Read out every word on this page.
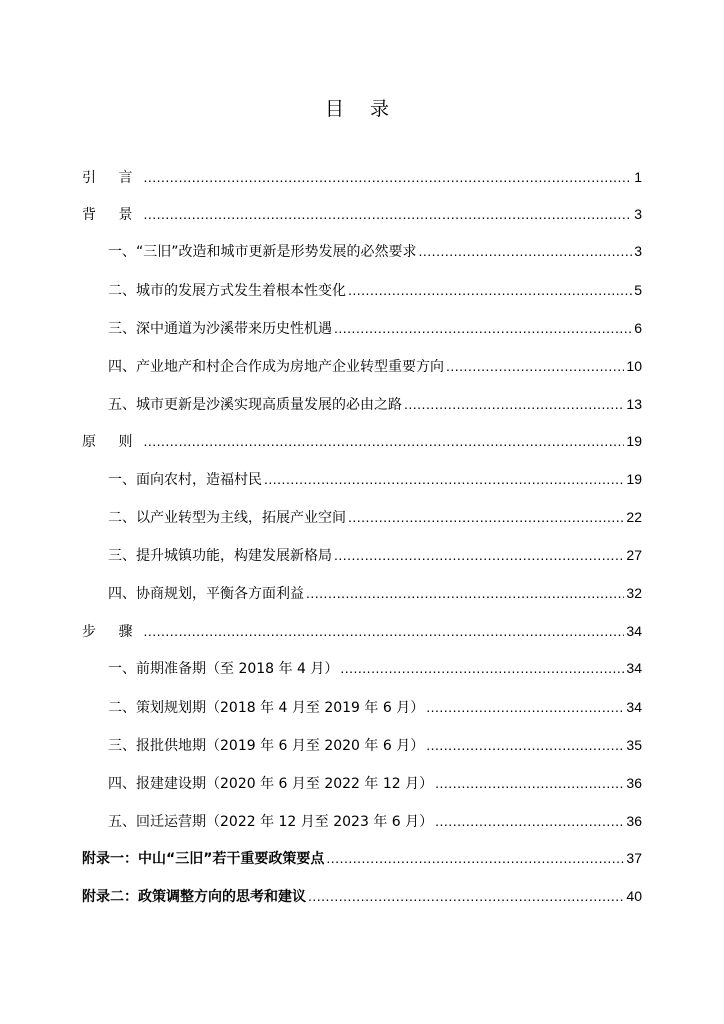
目 录
引 言 .....	1
背 景 .....	3
一、“三旧”改造和城市更新是形势发展的必然要求 .....	3
二、城市的发展方式发生着根本性变化 .....	5
三、深中通道为沙溪带来历史性机遇 .....	6
四、产业地产和村企合作成为房地产企业转型重要方向 .....	10
五、城市更新是沙溪实现高质量发展的必由之路 .....	13
原 则 .....	19
一、面向农村，造福村民 .....	19
二、以产业转型为主线，拓展产业空间 .....	22
三、提升城镇功能，构建发展新格局 .....	27
四、协商规划，平衡各方面利益 .....	32
步 骤 .....	34
一、前期准备期（至 2018 年 4 月） .....	34
二、策划规划期（2018 年 4 月至 2019 年 6 月） .....	34
三、报批供地期（2019 年 6 月至 2020 年 6 月） .....	35
四、报建建设期（2020 年 6 月至 2022 年 12 月） .....	36
五、回迁运营期（2022 年 12 月至 2023 年 6 月） .....	36
附录一：中山“三旧”若干重要政策要点 .....	37
附录二：政策调整方向的思考和建议 .....	40
